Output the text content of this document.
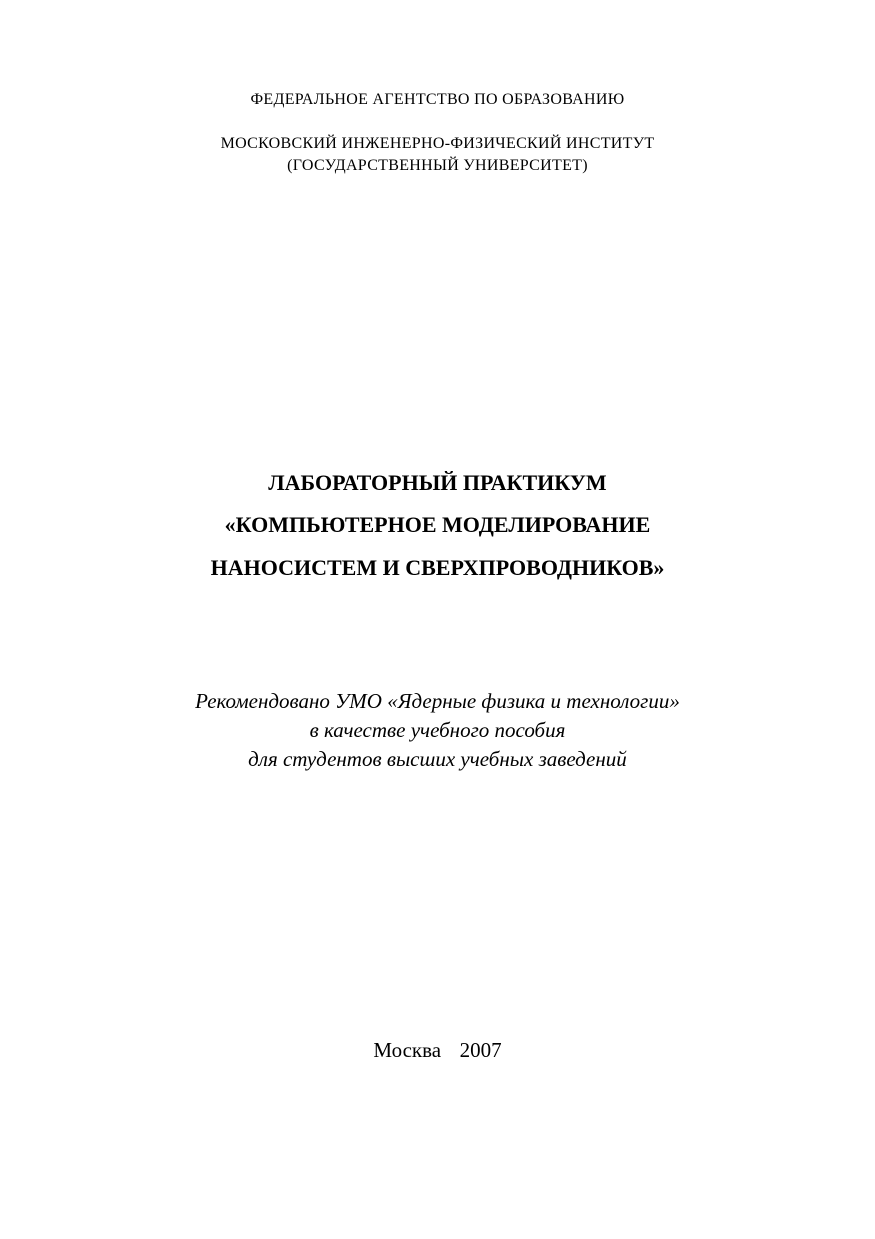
ФЕДЕРАЛЬНОЕ АГЕНТСТВО ПО ОБРАЗОВАНИЮ
МОСКОВСКИЙ ИНЖЕНЕРНО-ФИЗИЧЕСКИЙ ИНСТИТУТ
(ГОСУДАРСТВЕННЫЙ УНИВЕРСИТЕТ)
ЛАБОРАТОРНЫЙ ПРАКТИКУМ
«КОМПЬЮТЕРНОЕ МОДЕЛИРОВАНИЕ
НАНОСИСТЕМ И СВЕРХПРОВОДНИКОВ»
Рекомендовано УМО «Ядерные физика и технологии»
в качестве учебного пособия
для студентов высших учебных заведений
Москва  2007
